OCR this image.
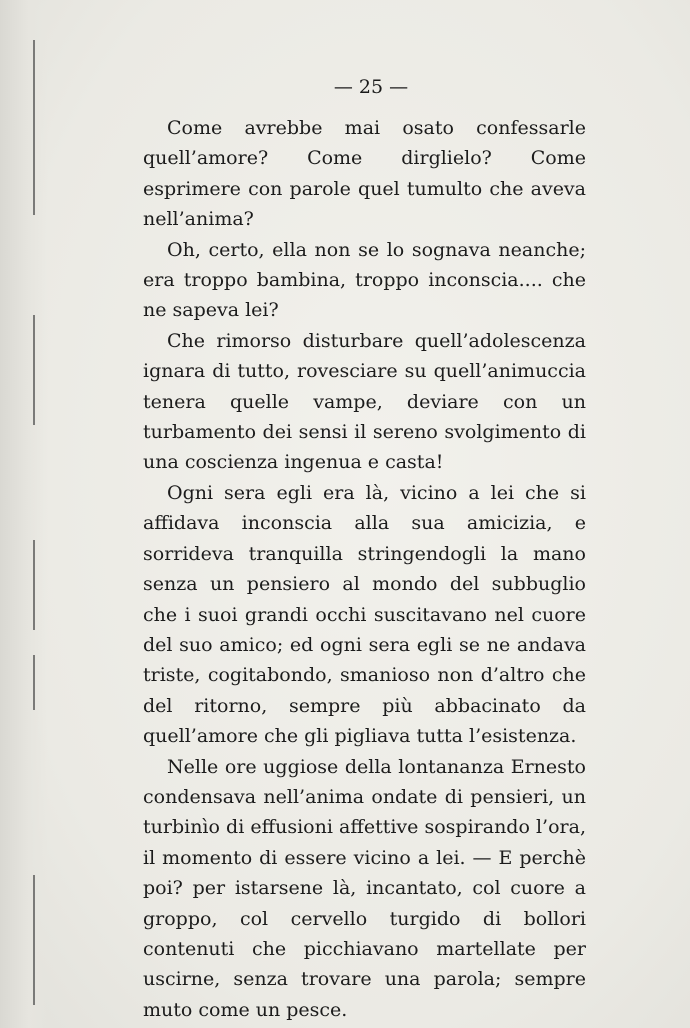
— 25 —

Come avrebbe mai osato confessarle quell’amore? Come dirglielo? Come esprimere con parole quel tumulto che aveva nell’anima?

Oh, certo, ella non se lo sognava neanche; era troppo bambina, troppo inconscia.... che ne sapeva lei?

Che rimorso disturbare quell’adolescenza ignara di tutto, rovesciare su quell’animuccia tenera quelle vampe, deviare con un turbamento dei sensi il sereno svolgimento di una coscienza ingenua e casta!

Ogni sera egli era là, vicino a lei che si affidava inconscia alla sua amicizia, e sorrideva tranquilla stringendogli la mano senza un pensiero al mondo del subbuglio che i suoi grandi occhi suscitavano nel cuore del suo amico; ed ogni sera egli se ne andava triste, cogitabondo, smanioso non d’altro che del ritorno, sempre più abbacinato da quell’amore che gli pigliava tutta l’esistenza.

Nelle ore uggiose della lontananza Ernesto condensava nell’anima ondate di pensieri, un turbinìo di effusioni affettive sospirando l’ora, il momento di essere vicino a lei. — E perchè poi? per istarsene là, incantato, col cuore a groppo, col cervello turgido di bollori contenuti che picchiavano martellate per uscirne, senza trovare una parola; sempre muto come un pesce.
